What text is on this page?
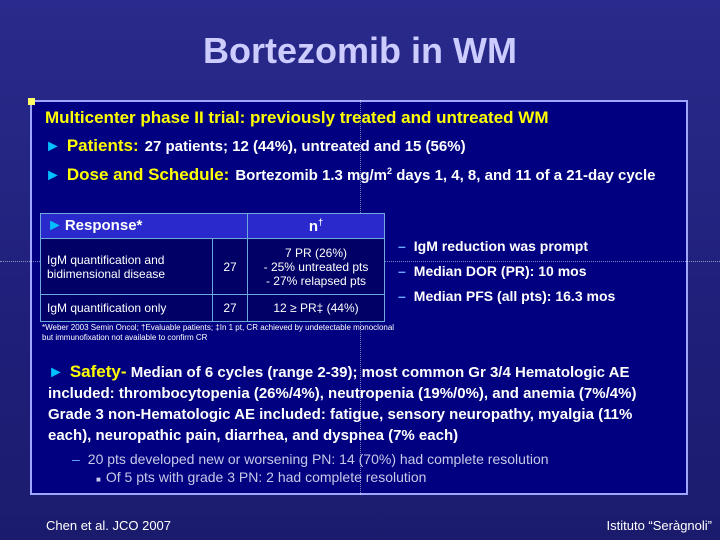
Bortezomib in WM
Multicenter phase II trial: previously treated and untreated WM
► Patients: 27 patients; 12 (44%), untreated and 15 (56%)
► Dose and Schedule: Bortezomib 1.3 $mg/m^2$ days 1, 4, 8, and 11 of a 21-day cycle
► Response*		n†
IgM quantification and bidimensional disease	27	7 PR (26%)
- 25% untreated pts
- 27% relapsed pts

IgM quantification only	27	12 ≥ PR‡ (44%)
*Weber 2003 Semin Oncol; †Evaluable patients; ‡In 1 pt, CR achieved by undetectable monoclonal but immunofixation not available to confirm CR
– IgM reduction was prompt
– Median DOR (PR): 10 mos
– Median PFS (all pts): 16.3 mos
► Safety- Median of 6 cycles (range 2-39); most common Gr 3/4 Hematologic AE included: thrombocytopenia (26%/4%), neutropenia (19%/0%), and anemia (7%/4%) Grade 3 non-Hematologic AE included: fatigue, sensory neuropathy, myalgia (11% each), neuropathic pain, diarrhea, and dyspnea (7% each)
– 20 pts developed new or worsening PN: 14 (70%) had complete resolution
■ Of 5 pts with grade 3 PN: 2 had complete resolution
Chen et al. JCO 2007	Istituto “Seràgnoli”
